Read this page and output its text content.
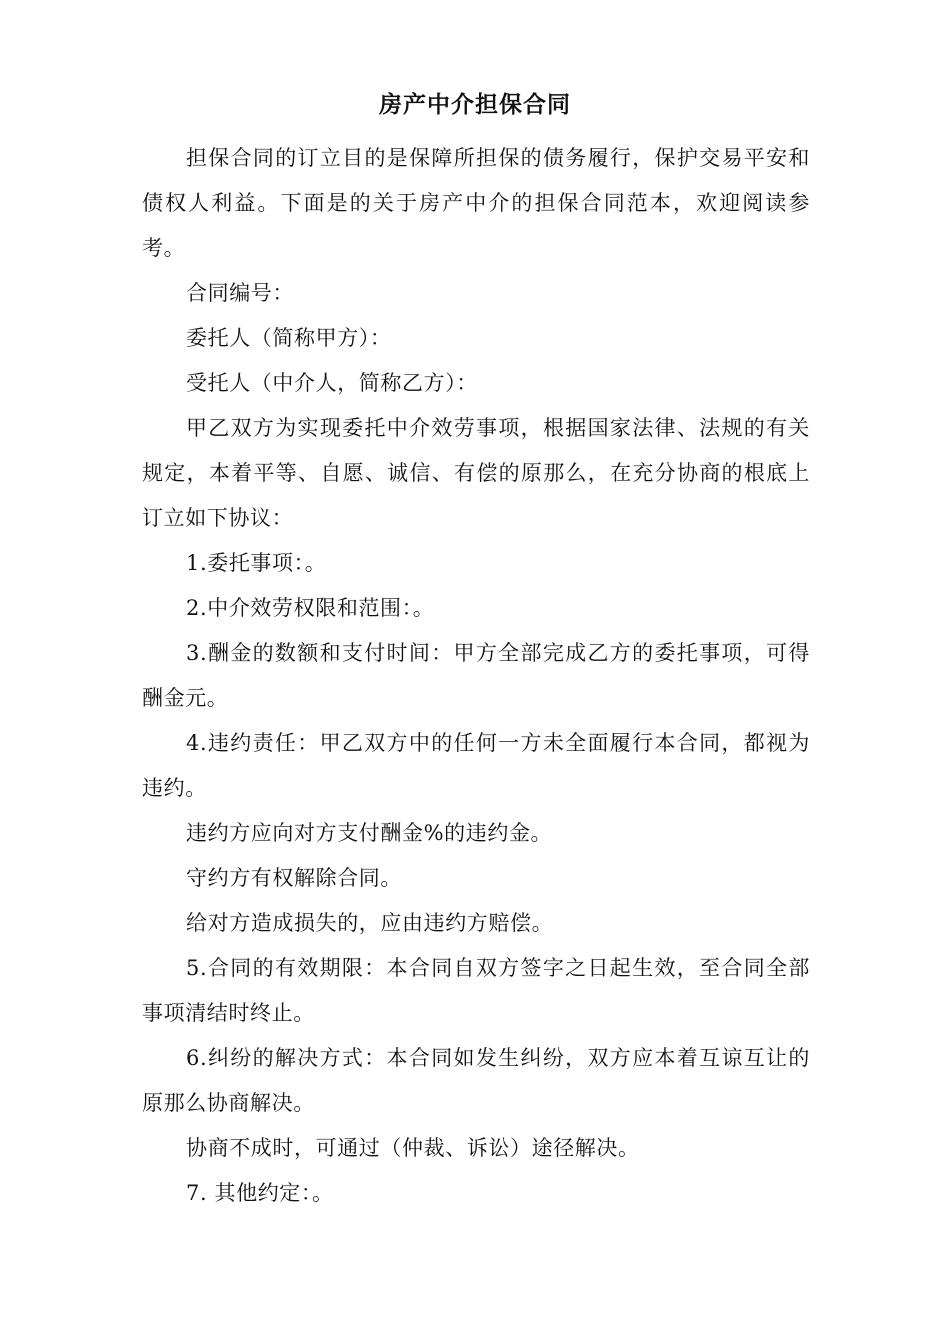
房产中介担保合同

担保合同的订立目的是保障所担保的债务履行，保护交易平安和债权人利益。下面是的关于房产中介的担保合同范本，欢迎阅读参考。

合同编号：

委托人（简称甲方）：

受托人（中介人，简称乙方）：

甲乙双方为实现委托中介效劳事项，根据国家法律、法规的有关规定，本着平等、自愿、诚信、有偿的原那么，在充分协商的根底上订立如下协议：

1.委托事项：。

2.中介效劳权限和范围：。

3.酬金的数额和支付时间：甲方全部完成乙方的委托事项，可得酬金元。

4.违约责任：甲乙双方中的任何一方未全面履行本合同，都视为违约。

违约方应向对方支付酬金%的违约金。

守约方有权解除合同。

给对方造成损失的，应由违约方赔偿。

5.合同的有效期限：本合同自双方签字之日起生效，至合同全部事项清结时终止。

6.纠纷的解决方式：本合同如发生纠纷，双方应本着互谅互让的原那么协商解决。

协商不成时，可通过（仲裁、诉讼）途径解决。

7. 其他约定：。
